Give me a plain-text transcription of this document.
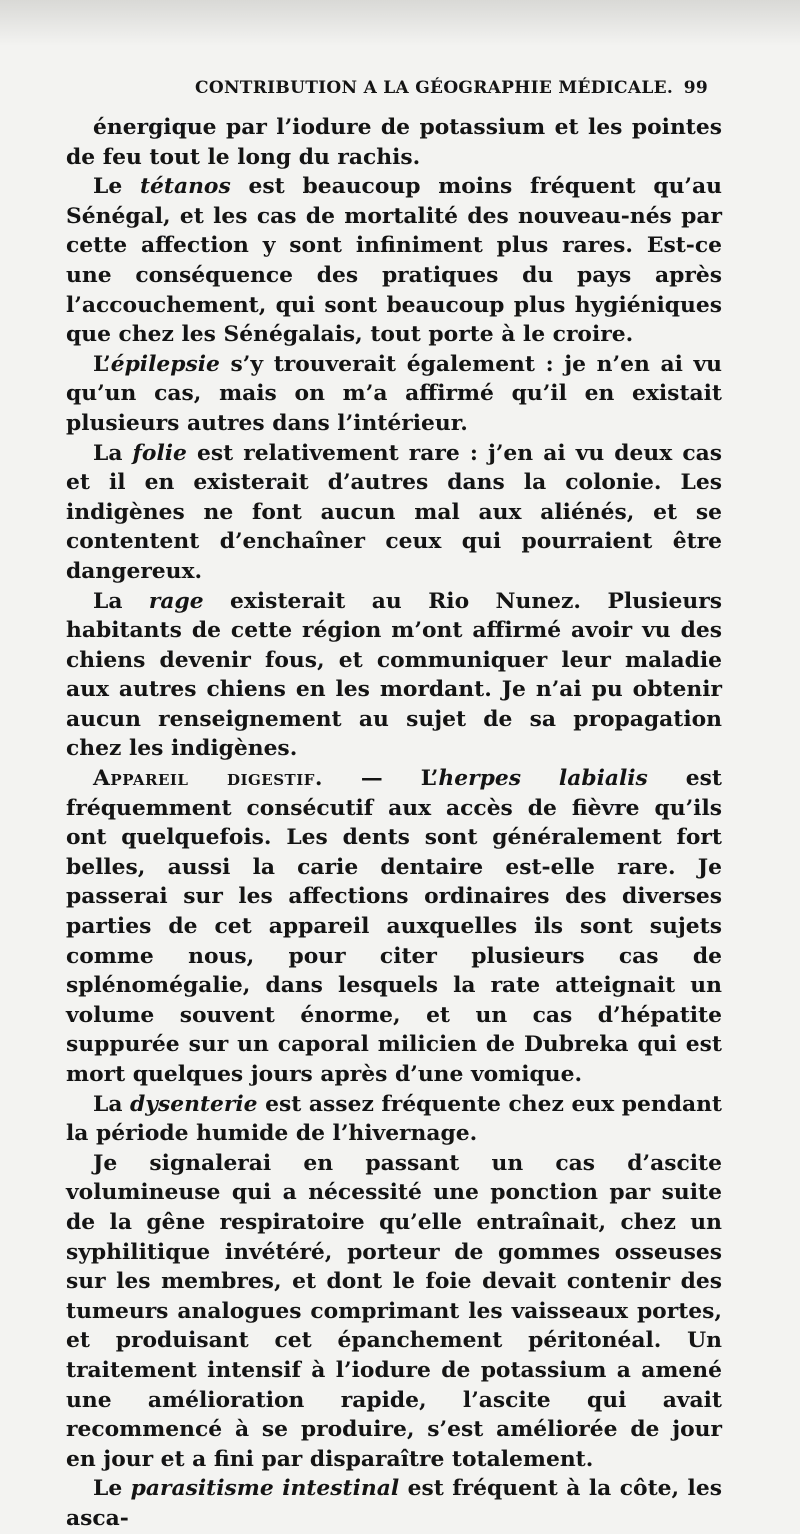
CONTRIBUTION A LA GÉOGRAPHIE MÉDICALE. 99

énergique par l’iodure de potassium et les pointes de feu tout le long du rachis.

Le tétanos est beaucoup moins fréquent qu’au Sénégal, et les cas de mortalité des nouveau-nés par cette affection y sont infiniment plus rares. Est-ce une conséquence des pratiques du pays après l’accouchement, qui sont beaucoup plus hygiéniques que chez les Sénégalais, tout porte à le croire.

L’épilepsie s’y trouverait également : je n’en ai vu qu’un cas, mais on m’a affirmé qu’il en existait plusieurs autres dans l’intérieur.

La folie est relativement rare : j’en ai vu deux cas et il en existerait d’autres dans la colonie. Les indigènes ne font aucun mal aux aliénés, et se contentent d’enchaîner ceux qui pourraient être dangereux.

La rage existerait au Rio Nunez. Plusieurs habitants de cette région m’ont affirmé avoir vu des chiens devenir fous, et communiquer leur maladie aux autres chiens en les mordant. Je n’ai pu obtenir aucun renseignement au sujet de sa propagation chez les indigènes.

Appareil digestif. — L’herpes labialis est fréquemment consécutif aux accès de fièvre qu’ils ont quelquefois. Les dents sont généralement fort belles, aussi la carie dentaire est-elle rare. Je passerai sur les affections ordinaires des diverses parties de cet appareil auxquelles ils sont sujets comme nous, pour citer plusieurs cas de splénomégalie, dans lesquels la rate atteignait un volume souvent énorme, et un cas d’hépatite suppurée sur un caporal milicien de Dubreka qui est mort quelques jours après d’une vomique.

La dysenterie est assez fréquente chez eux pendant la période humide de l’hivernage.

Je signalerai en passant un cas d’ascite volumineuse qui a nécessité une ponction par suite de la gêne respiratoire qu’elle entraînait, chez un syphilitique invétéré, porteur de gommes osseuses sur les membres, et dont le foie devait contenir des tumeurs analogues comprimant les vaisseaux portes, et produisant cet épanchement péritonéal. Un traitement intensif à l’iodure de potassium a amené une amélioration rapide, l’ascite qui avait recommencé à se produire, s’est améliorée de jour en jour et a fini par disparaître totalement.

Le parasitisme intestinal est fréquent à la côte, les asca-
